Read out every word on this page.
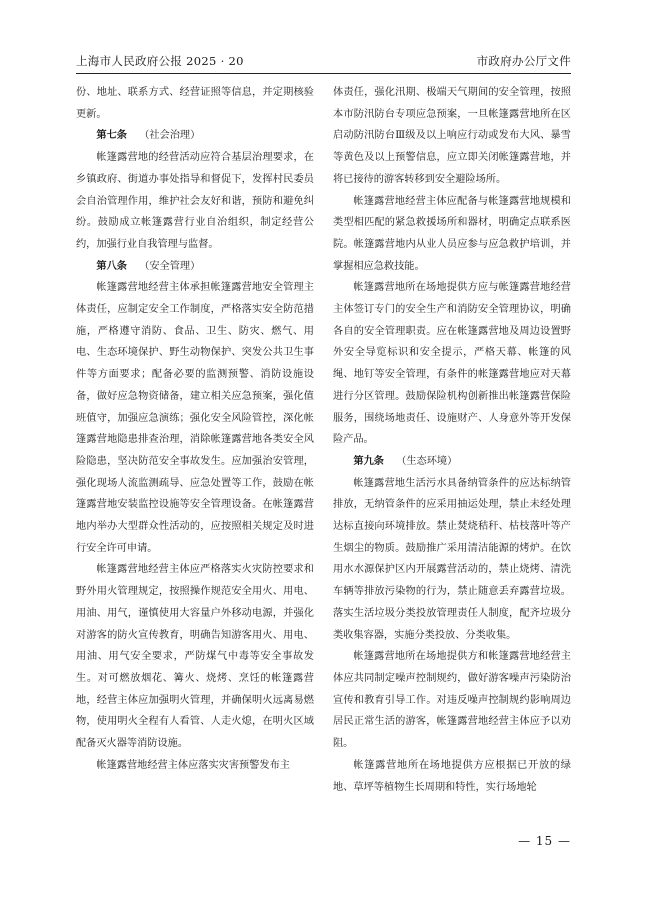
上海市人民政府公报 2025 · 20	市政府办公厅文件

份、地址、联系方式、经营证照等信息，并定期核验更新。

第七条 （社会治理）

帐篷露营地的经营活动应符合基层治理要求，在乡镇政府、街道办事处指导和督促下，发挥村民委员会自治管理作用，维护社会友好和谐，预防和避免纠纷。鼓励成立帐篷露营行业自治组织，制定经营公约，加强行业自我管理与监督。

第八条 （安全管理）

帐篷露营地经营主体承担帐篷露营地安全管理主体责任，应制定安全工作制度，严格落实安全防范措施，严格遵守消防、食品、卫生、防灾、燃气、用电、生态环境保护、野生动物保护、突发公共卫生事件等方面要求；配备必要的监测预警、消防设施设备，做好应急物资储备，建立相关应急预案，强化值班值守，加强应急演练；强化安全风险管控，深化帐篷露营地隐患排查治理，消除帐篷露营地各类安全风险隐患，坚决防范安全事故发生。应加强治安管理，强化现场人流监测疏导、应急处置等工作，鼓励在帐篷露营地安装监控设施等安全管理设备。在帐篷露营地内举办大型群众性活动的，应按照相关规定及时进行安全许可申请。

帐篷露营地经营主体应严格落实火灾防控要求和野外用火管理规定，按照操作规范安全用火、用电、用油、用气，谨慎使用大容量户外移动电源，并强化对游客的防火宣传教育，明确告知游客用火、用电、用油、用气安全要求，严防煤气中毒等安全事故发生。对可燃放烟花、篝火、烧烤、烹饪的帐篷露营地，经营主体应加强明火管理，并确保明火远离易燃物，使用明火全程有人看管、人走火熄，在明火区域配备灭火器等消防设施。

帐篷露营地经营主体应落实灾害预警发布主

体责任，强化汛期、极端天气期间的安全管理，按照本市防汛防台专项应急预案，一旦帐篷露营地所在区启动防汛防台Ⅲ级及以上响应行动或发布大风、暴雪等黄色及以上预警信息，应立即关闭帐篷露营地，并将已接待的游客转移到安全避险场所。

帐篷露营地经营主体应配备与帐篷露营地规模和类型相匹配的紧急救援场所和器材，明确定点联系医院。帐篷露营地内从业人员应参与应急救护培训，并掌握相应急救技能。

帐篷露营地所在场地提供方应与帐篷露营地经营主体签订专门的安全生产和消防安全管理协议，明确各自的安全管理职责。应在帐篷露营地及周边设置野外安全导览标识和安全提示，严格天幕、帐篷的风绳、地钉等安全管理，有条件的帐篷露营地应对天幕进行分区管理。鼓励保险机构创新推出帐篷露营保险服务，围绕场地责任、设施财产、人身意外等开发保险产品。

第九条 （生态环境）

帐篷露营地生活污水具备纳管条件的应达标纳管排放，无纳管条件的应采用抽运处理，禁止未经处理达标直接向环境排放。禁止焚烧秸秆、枯枝落叶等产生烟尘的物质。鼓励推广采用清洁能源的烤炉。在饮用水水源保护区内开展露营活动的，禁止烧烤、清洗车辆等排放污染物的行为，禁止随意丢弃露营垃圾。落实生活垃圾分类投放管理责任人制度，配齐垃圾分类收集容器，实施分类投放、分类收集。

帐篷露营地所在场地提供方和帐篷露营地经营主体应共同制定噪声控制规约，做好游客噪声污染防治宣传和教育引导工作。对违反噪声控制规约影响周边居民正常生活的游客，帐篷露营地经营主体应予以劝阻。

帐篷露营地所在场地提供方应根据已开放的绿地、草坪等植物生长周期和特性，实行场地轮

— 15 —
